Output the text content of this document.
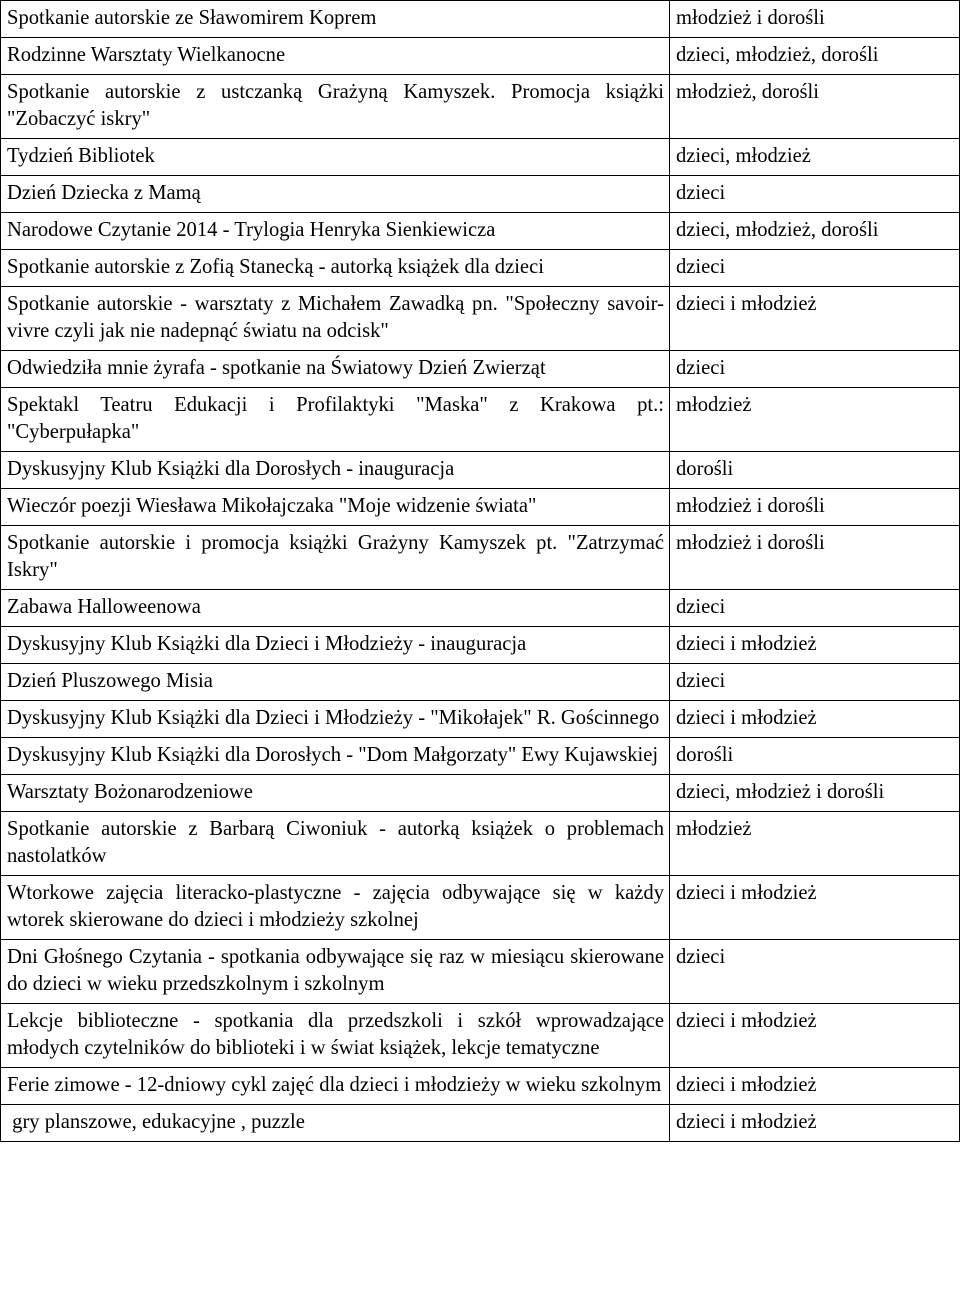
Spotkanie autorskie ze Sławomirem Koprem	młodzież i dorośli
Rodzinne Warsztaty Wielkanocne	dzieci, młodzież, dorośli
Spotkanie autorskie z ustczanką Grażyną Kamyszek. Promocja książki "Zobaczyć iskry"	młodzież, dorośli
Tydzień Bibliotek	dzieci, młodzież
Dzień Dziecka z Mamą	dzieci
Narodowe Czytanie 2014 - Trylogia Henryka Sienkiewicza	dzieci, młodzież, dorośli
Spotkanie autorskie z Zofią Stanecką - autorką książek dla dzieci	dzieci
Spotkanie autorskie - warsztaty z Michałem Zawadką pn. "Społeczny savoir- vivre czyli jak nie nadepnąć światu na odcisk"	dzieci i młodzież
Odwiedziła mnie żyrafa - spotkanie na Światowy Dzień Zwierząt	dzieci
Spektakl Teatru Edukacji i Profilaktyki "Maska" z Krakowa pt.: "Cyberpułapka"	młodzież
Dyskusyjny Klub Książki dla Dorosłych - inauguracja	dorośli
Wieczór poezji Wiesława Mikołajczaka "Moje widzenie świata"	młodzież i dorośli
Spotkanie autorskie i promocja książki Grażyny Kamyszek pt. "Zatrzymać Iskry"	młodzież i dorośli
Zabawa Halloweenowa	dzieci
Dyskusyjny Klub Książki dla Dzieci i Młodzieży - inauguracja	dzieci i młodzież
Dzień Pluszowego Misia	dzieci
Dyskusyjny Klub Książki dla Dzieci i Młodzieży - "Mikołajek" R. Gościnnego	dzieci i młodzież
Dyskusyjny Klub Książki dla Dorosłych - "Dom Małgorzaty" Ewy Kujawskiej	dorośli
Warsztaty Bożonarodzeniowe	dzieci, młodzież i dorośli
Spotkanie autorskie z Barbarą Ciwoniuk - autorką książek o problemach nastolatków	młodzież
Wtorkowe zajęcia literacko-plastyczne - zajęcia odbywające się w każdy wtorek skierowane do dzieci i młodzieży szkolnej	dzieci i młodzież
Dni Głośnego Czytania - spotkania odbywające się raz w miesiącu skierowane do dzieci w wieku przedszkolnym i szkolnym	dzieci
Lekcje biblioteczne - spotkania dla przedszkoli i szkół wprowadzające młodych czytelników do biblioteki i w świat książek, lekcje tematyczne	dzieci i młodzież
Ferie zimowe - 12-dniowy cykl zajęć dla dzieci i młodzieży w wieku szkolnym	dzieci i młodzież
gry planszowe, edukacyjne , puzzle	dzieci i młodzież
